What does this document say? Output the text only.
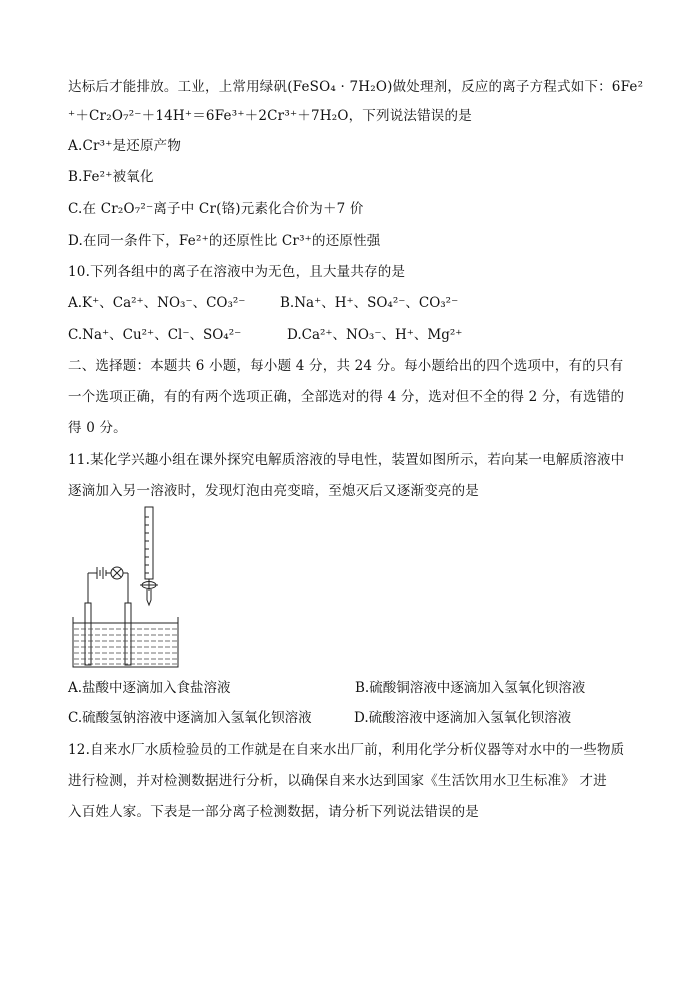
达标后才能排放。工业，上常用绿矾(FeSO₄ · 7H₂O)做处理剂，反应的离子方程式如下：6Fe²
⁺＋Cr₂O₇²⁻＋14H⁺＝6Fe³⁺＋2Cr³⁺＋7H₂O，下列说法错误的是
A.Cr³⁺是还原产物
B.Fe²⁺被氧化
C.在 Cr₂O₇²⁻离子中 Cr(铬)元素化合价为＋7 价
D.在同一条件下，Fe²⁺的还原性比 Cr³⁺的还原性强
10.下列各组中的离子在溶液中为无色，且大量共存的是
A.K⁺、Ca²⁺、NO₃⁻、CO₃²⁻	B.Na⁺、H⁺、SO₄²⁻、CO₃²⁻
C.Na⁺、Cu²⁺、Cl⁻、SO₄²⁻	D.Ca²⁺、NO₃⁻、H⁺、Mg²⁺
二、选择题：本题共 6 小题，每小题 4 分，共 24 分。每小题给出的四个选项中，有的只有
一个选项正确，有的有两个选项正确，全部选对的得 4 分，选对但不全的得 2 分，有选错的
得 0 分。
11.某化学兴趣小组在课外探究电解质溶液的导电性，装置如图所示，若向某一电解质溶液中
逐滴加入另一溶液时，发现灯泡由亮变暗，至熄灭后又逐渐变亮的是
A.盐酸中逐滴加入食盐溶液	B.硫酸铜溶液中逐滴加入氢氧化钡溶液
C.硫酸氢钠溶液中逐滴加入氢氧化钡溶液	D.硫酸溶液中逐滴加入氢氧化钡溶液
12.自来水厂水质检验员的工作就是在自来水出厂前，利用化学分析仪器等对水中的一些物质
进行检测，并对检测数据进行分析，以确保自来水达到国家《生活饮用水卫生标准》 才进
入百姓人家。下表是一部分离子检测数据，请分析下列说法错误的是
